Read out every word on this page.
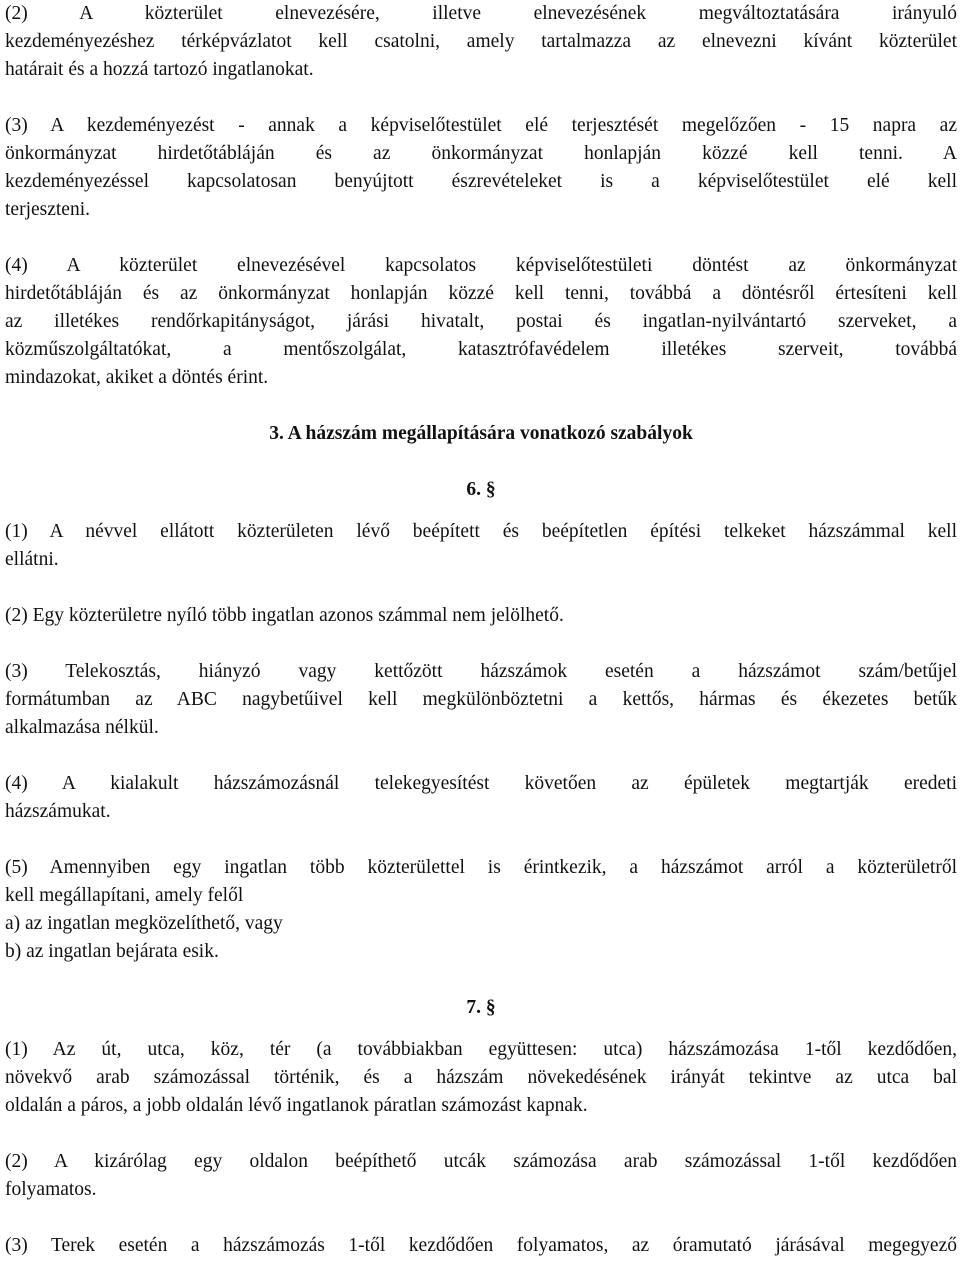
(2) A közterület elnevezésére, illetve elnevezésének megváltoztatására irányuló
kezdeményezéshez térképvázlatot kell csatolni, amely tartalmazza az elnevezni kívánt közterület
határait és a hozzá tartozó ingatlanokat.
(3) A kezdeményezést - annak a képviselőtestület elé terjesztését megelőzően - 15 napra az
önkormányzat hirdetőtábláján és az önkormányzat honlapján közzé kell tenni. A
kezdeményezéssel kapcsolatosan benyújtott észrevételeket is a képviselőtestület elé kell
terjeszteni.
(4) A közterület elnevezésével kapcsolatos képviselőtestületi döntést az önkormányzat
hirdetőtábláján és az önkormányzat honlapján közzé kell tenni, továbbá a döntésről értesíteni kell
az illetékes rendőrkapitányságot, járási hivatalt, postai és ingatlan-nyilvántartó szerveket, a
közműszolgáltatókat, a mentőszolgálat, katasztrófavédelem illetékes szerveit, továbbá
mindazokat, akiket a döntés érint.
3. A házszám megállapítására vonatkozó szabályok
6. §
(1) A névvel ellátott közterületen lévő beépített és beépítetlen építési telkeket házszámmal kell
ellátni.
(2) Egy közterületre nyíló több ingatlan azonos számmal nem jelölhető.
(3) Telekosztás, hiányzó vagy kettőzött házszámok esetén a házszámot szám/betűjel
formátumban az ABC nagybetűivel kell megkülönböztetni a kettős, hármas és ékezetes betűk
alkalmazása nélkül.
(4) A kialakult házszámozásnál telekegyesítést követően az épületek megtartják eredeti
házszámukat.
(5) Amennyiben egy ingatlan több közterülettel is érintkezik, a házszámot arról a közterületről
kell megállapítani, amely felől
a) az ingatlan megközelíthető, vagy
b) az ingatlan bejárata esik.
7. §
(1) Az út, utca, köz, tér (a továbbiakban együttesen: utca) házszámozása 1-től kezdődően,
növekvő arab számozással történik, és a házszám növekedésének irányát tekintve az utca bal
oldalán a páros, a jobb oldalán lévő ingatlanok páratlan számozást kapnak.
(2) A kizárólag egy oldalon beépíthető utcák számozása arab számozással 1-től kezdődően
folyamatos.
(3) Terek esetén a házszámozás 1-től kezdődően folyamatos, az óramutató járásával megegyező
